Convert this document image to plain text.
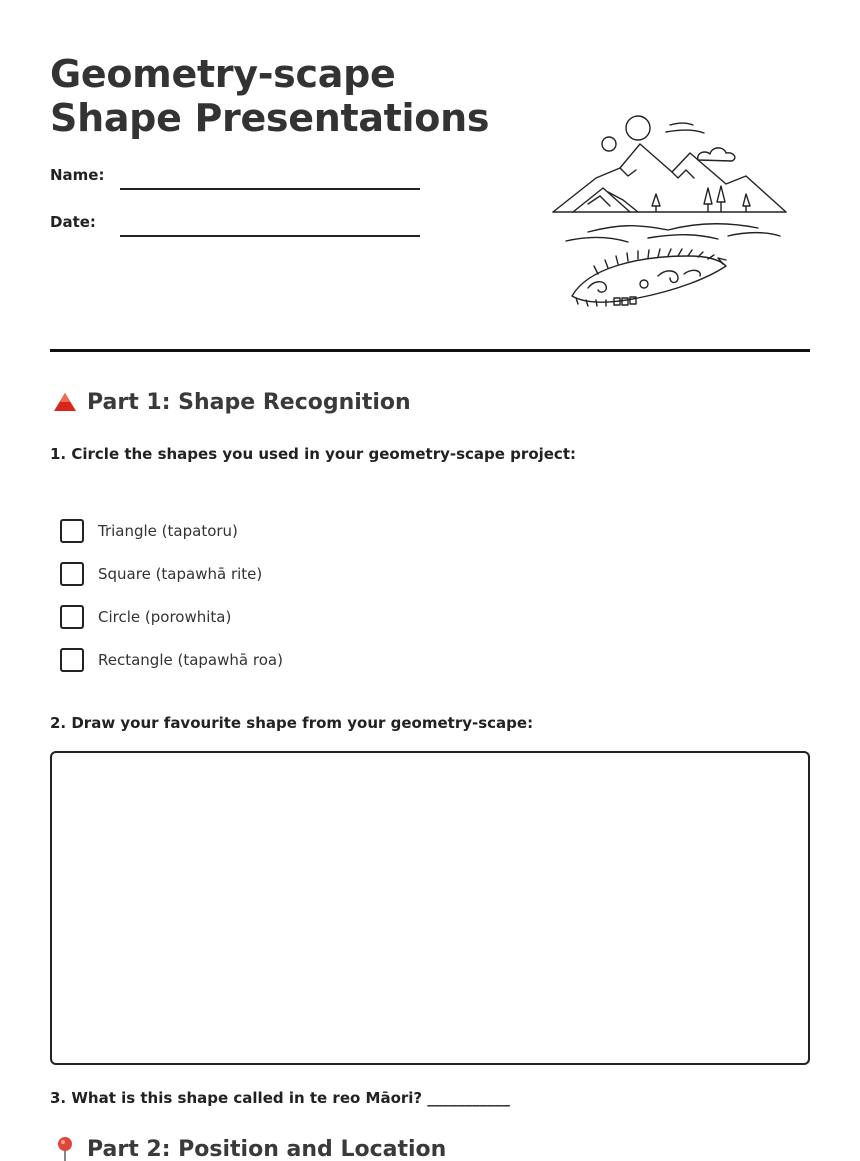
Geometry-scape Shape Presentations
Name:
Date:
Part 1: Shape Recognition
1. Circle the shapes you used in your geometry-scape project:
Triangle (tapatoru)
Square (tapawhā rite)
Circle (porowhita)
Rectangle (tapawhā roa)
2. Draw your favourite shape from your geometry-scape:
3. What is this shape called in te reo Māori? ___________
Part 2: Position and Location
